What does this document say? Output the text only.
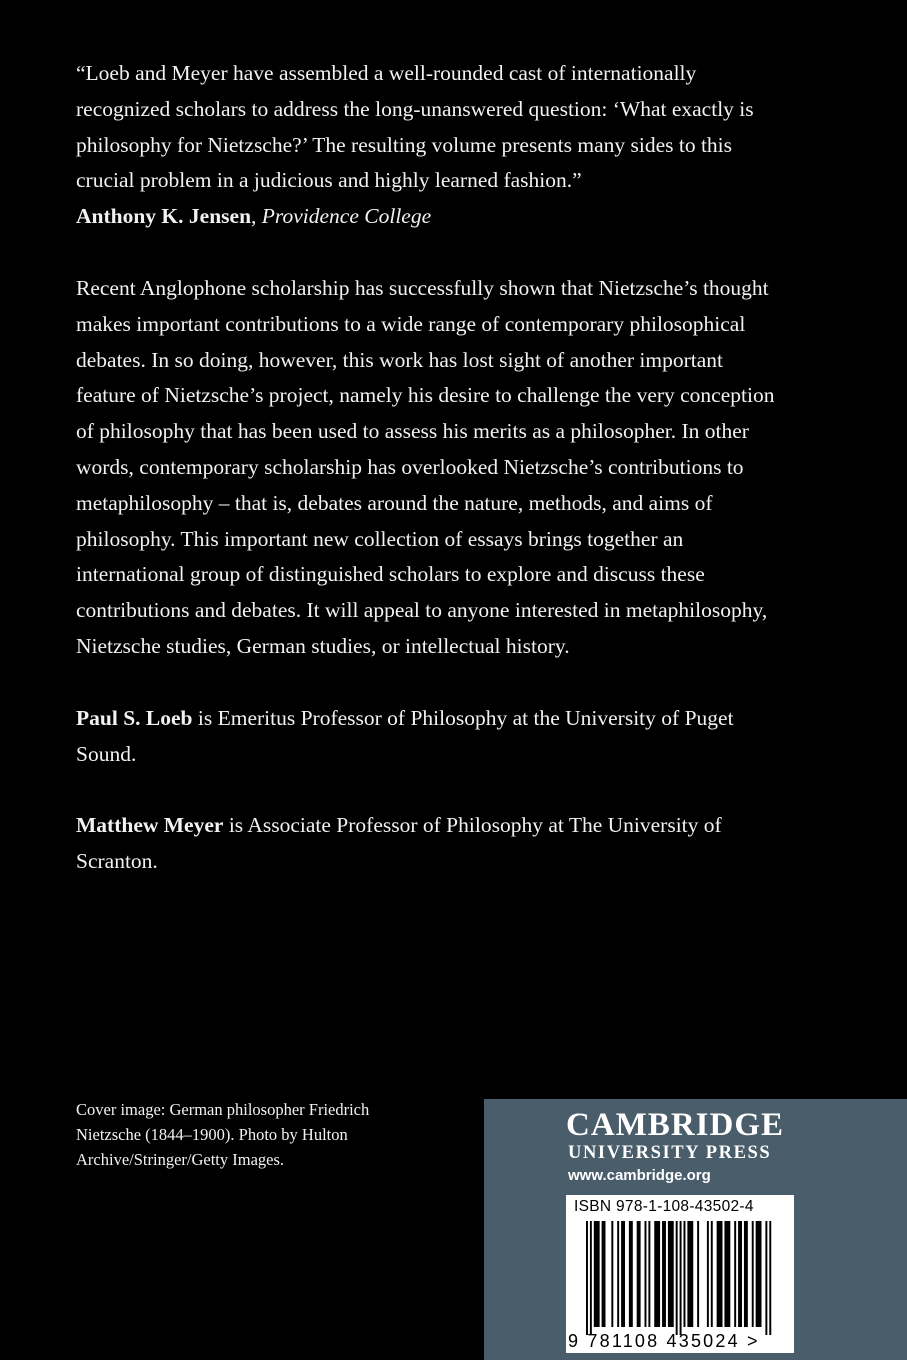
“Loeb and Meyer have assembled a well-rounded cast of internationally recognized scholars to address the long-unanswered question: ‘What exactly is philosophy for Nietzsche?’ The resulting volume presents many sides to this crucial problem in a judicious and highly learned fashion.”
Anthony K. Jensen, Providence College

Recent Anglophone scholarship has successfully shown that Nietzsche’s thought makes important contributions to a wide range of contemporary philosophical debates. In so doing, however, this work has lost sight of another important feature of Nietzsche’s project, namely his desire to challenge the very conception of philosophy that has been used to assess his merits as a philosopher. In other words, contemporary scholarship has overlooked Nietzsche’s contributions to metaphilosophy – that is, debates around the nature, methods, and aims of philosophy. This important new collection of essays brings together an international group of distinguished scholars to explore and discuss these contributions and debates. It will appeal to anyone interested in metaphilosophy, Nietzsche studies, German studies, or intellectual history.

Paul S. Loeb is Emeritus Professor of Philosophy at the University of Puget Sound.

Matthew Meyer is Associate Professor of Philosophy at The University of Scranton.

Cover image: German philosopher Friedrich Nietzsche (1844–1900). Photo by Hulton Archive/Stringer/Getty Images.
CAMBRIDGE
UNIVERSITY PRESS
www.cambridge.org
ISBN 978-1-108-43502-4
9 781108 435024 >
